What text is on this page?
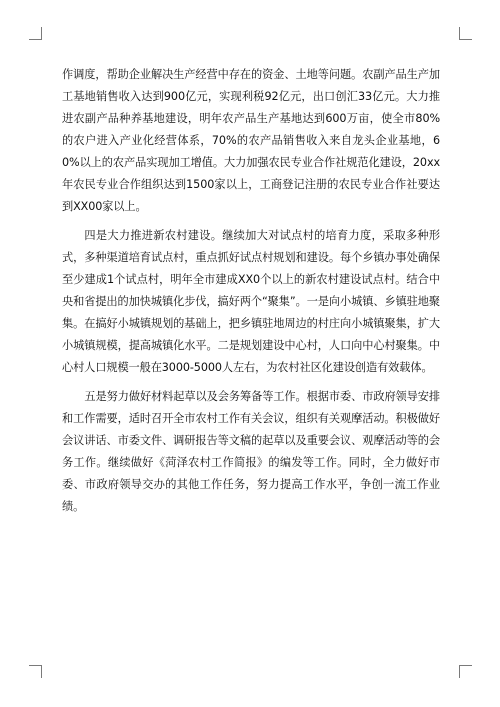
作调度，帮助企业解决生产经营中存在的资金、土地等问题。农副产品生产加工基地销售收入达到900亿元，实现利税92亿元，出口创汇33亿元。大力推进农副产品种养基地建设，明年农产品生产基地达到600万亩，使全市80%的农户进入产业化经营体系，70%的农产品销售收入来自龙头企业基地，60%以上的农产品实现加工增值。大力加强农民专业合作社规范化建设，20xx年农民专业合作组织达到1500家以上，工商登记注册的农民专业合作社要达到XX00家以上。

四是大力推进新农村建设。继续加大对试点村的培育力度，采取多种形式，多种渠道培育试点村，重点抓好试点村规划和建设。每个乡镇办事处确保至少建成1个试点村，明年全市建成XX0个以上的新农村建设试点村。结合中央和省提出的加快城镇化步伐，搞好两个“聚集”。一是向小城镇、乡镇驻地聚集。在搞好小城镇规划的基础上，把乡镇驻地周边的村庄向小城镇聚集，扩大小城镇规模，提高城镇化水平。二是规划建设中心村，人口向中心村聚集。中心村人口规模一般在3000-5000人左右，为农村社区化建设创造有效载体。

五是努力做好材料起草以及会务筹备等工作。根据市委、市政府领导安排和工作需要，适时召开全市农村工作有关会议，组织有关观摩活动。积极做好会议讲话、市委文件、调研报告等文稿的起草以及重要会议、观摩活动等的会务工作。继续做好《菏泽农村工作简报》的编发等工作。同时，全力做好市委、市政府领导交办的其他工作任务，努力提高工作水平，争创一流工作业绩。
